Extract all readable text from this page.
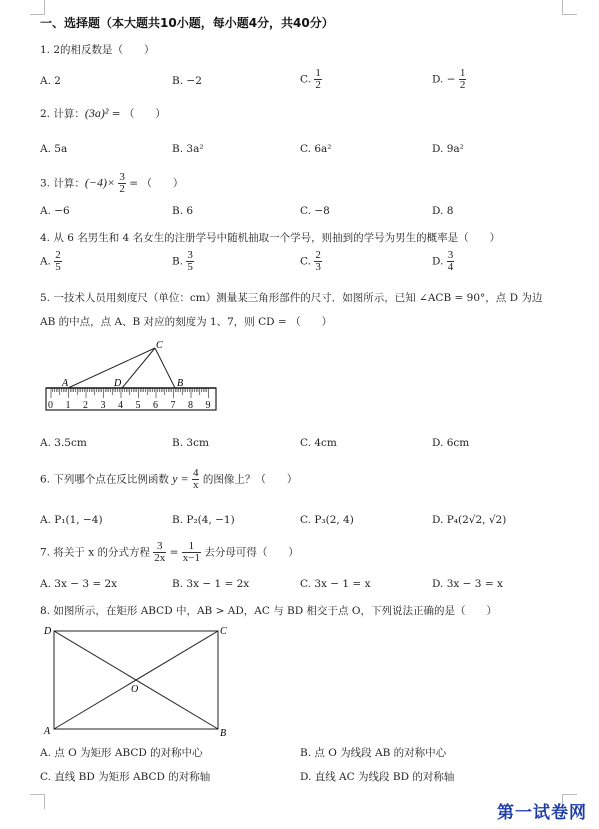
一、选择题（本大题共10小题，每小题4分，共40分）
1. 2的相反数是（　　）
A. 2	B. −2	C. $\frac{1}{2}$	D. − $\frac{1}{2}$
2. 计算：(3a)² = （　　）
A. 5a	B. 3a²	C. 6a²	D. 9a²
3. 计算：$(-4)\times \frac{3}{2}$ = （　　）
A. −6	B. 6	C. −8	D. 8
4. 从 6 名男生和 4 名女生的注册学号中随机抽取一个学号，则抽到的学号为男生的概率是（　　）
A. $\frac{2}{5}$	B. $\frac{3}{5}$	C. $\frac{2}{3}$	D. $\frac{3}{4}$
5. 一技术人员用刻度尺（单位：cm）测量某三角形部件的尺寸．如图所示，已知 ∠ACB = 90°，点 D 为边
AB 的中点，点 A、B 对应的刻度为 1、7，则 CD = （　　）
0 1 2 3 4 5 6 7 8 9
C
A	D	B
A. 3.5cm	B. 3cm	C. 4cm	D. 6cm
6. 下列哪个点在反比例函数 $y = \frac{4}{x}$ 的图像上？（　　）
A. P₁(1, −4)	B. P₂(4, −1)	C. P₃(2, 4)	D. P₄(2√2, √2)
7. 将关于 x 的分式方程 $\frac{3}{2x} = \frac{1}{x-1}$ 去分母可得（　　）
A. 3x − 3 = 2x	B. 3x − 1 = 2x	C. 3x − 1 = x	D. 3x − 3 = x
8. 如图所示，在矩形 ABCD 中，AB > AD，AC 与 BD 相交于点 O，下列说法正确的是（　　）
D	C
A	B
O
A. 点 O 为矩形 ABCD 的对称中心	B. 点 O 为线段 AB 的对称中心
C. 直线 BD 为矩形 ABCD 的对称轴	D. 直线 AC 为线段 BD 的对称轴
第一试卷网
